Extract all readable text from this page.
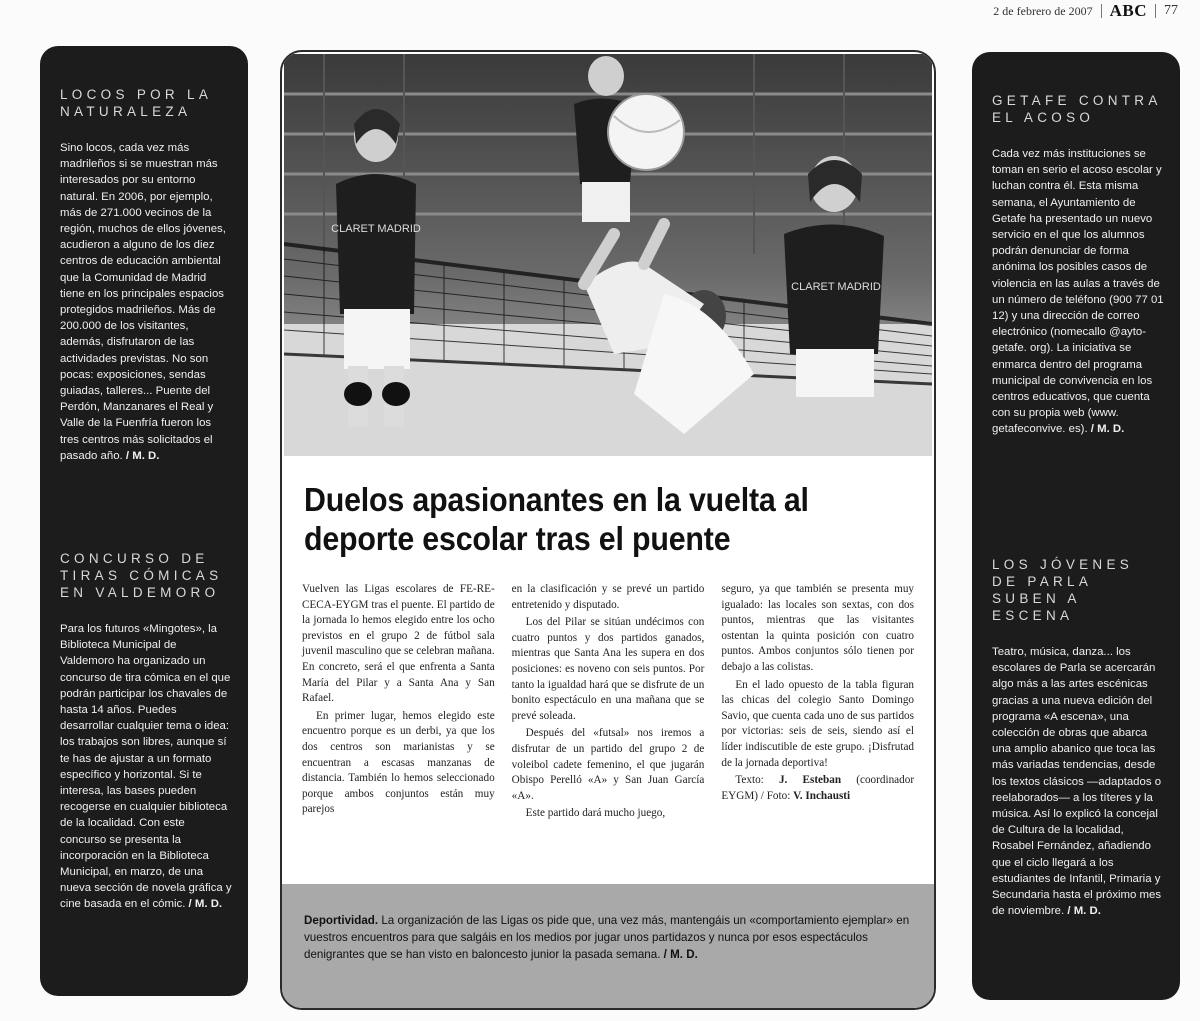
2 de febrero de 2007 ABC 77
LOCOS POR LA NATURALEZA
Sino locos, cada vez más madrileños si se muestran más interesados por su entorno natural. En 2006, por ejemplo, más de 271.000 vecinos de la región, muchos de ellos jóvenes, acudieron a alguno de los diez centros de educación ambiental que la Comunidad de Madrid tiene en los principales espacios protegidos madrileños. Más de 200.000 de los visitantes, además, disfrutaron de las actividades previstas. No son pocas: exposiciones, sendas guiadas, talleres... Puente del Perdón, Manzanares el Real y Valle de la Fuenfría fueron los tres centros más solicitados el pasado año. / M. D.
CONCURSO DE TIRAS CÓMICAS EN VALDEMORO
Para los futuros «Mingotes», la Biblioteca Municipal de Valdemoro ha organizado un concurso de tira cómica en el que podrán participar los chavales de hasta 14 años. Puedes desarrollar cualquier tema o idea: los trabajos son libres, aunque sí te has de ajustar a un formato específico y horizontal. Si te interesa, las bases pueden recogerse en cualquier biblioteca de la localidad. Con este concurso se presenta la incorporación en la Biblioteca Municipal, en marzo, de una nueva sección de novela gráfica y cine basada en el cómic. / M. D.
CLARET MADRID
CLARET MADRID
Duelos apasionantes en la vuelta al deporte escolar tras el puente

Vuelven las Ligas escolares de FE-RE-CECA-EYGM tras el puente. El partido de la jornada lo hemos elegido entre los ocho previstos en el grupo 2 de fútbol sala juvenil masculino que se celebran mañana. En concreto, será el que enfrenta a Santa María del Pilar y a Santa Ana y San Rafael.

En primer lugar, hemos elegido este encuentro porque es un derbi, ya que los dos centros son marianistas y se encuentran a escasas manzanas de distancia. También lo hemos seleccionado porque ambos conjuntos están muy parejos

en la clasificación y se prevé un partido entretenido y disputado.

Los del Pilar se sitúan undécimos con cuatro puntos y dos partidos ganados, mientras que Santa Ana les supera en dos posiciones: es noveno con seis puntos. Por tanto la igualdad hará que se disfrute de un bonito espectáculo en una mañana que se prevé soleada.

Después del «futsal» nos iremos a disfrutar de un partido del grupo 2 de voleibol cadete femenino, el que jugarán Obispo Perelló «A» y San Juan García «A».

Este partido dará mucho juego,

seguro, ya que también se presenta muy igualado: las locales son sextas, con dos puntos, mientras que las visitantes ostentan la quinta posición con cuatro puntos. Ambos conjuntos sólo tienen por debajo a las colistas.

En el lado opuesto de la tabla figuran las chicas del colegio Santo Domingo Savio, que cuenta cada uno de sus partidos por victorias: seis de seis, siendo así el líder indiscutible de este grupo. ¡Disfrutad de la jornada deportiva!

Texto: J. Esteban (coordinador EYGM) / Foto: V. Inchausti

Deportividad. La organización de las Ligas os pide que, una vez más, mantengáis un «comportamiento ejemplar» en vuestros encuentros para que salgáis en los medios por jugar unos partidazos y nunca por esos espectáculos denigrantes que se han visto en baloncesto junior la pasada semana. / M. D.
GETAFE CONTRA EL ACOSO
Cada vez más instituciones se toman en serio el acoso escolar y luchan contra él. Esta misma semana, el Ayuntamiento de Getafe ha presentado un nuevo servicio en el que los alumnos podrán denunciar de forma anónima los posibles casos de violencia en las aulas a través de un número de teléfono (900 77 01 12) y una dirección de correo electrónico (nomecallo @ayto-getafe. org). La iniciativa se enmarca dentro del programa municipal de convivencia en los centros educativos, que cuenta con su propia web (www. getafeconvive. es). / M. D.
LOS JÓVENES DE PARLA SUBEN A ESCENA
Teatro, música, danza... los escolares de Parla se acercarán algo más a las artes escénicas gracias a una nueva edición del programa «A escena», una colección de obras que abarca una amplio abanico que toca las más variadas tendencias, desde los textos clásicos —adaptados o reelaborados— a los títeres y la música. Así lo explicó la concejal de Cultura de la localidad, Rosabel Fernández, añadiendo que el ciclo llegará a los estudiantes de Infantil, Primaria y Secundaria hasta el próximo mes de noviembre. / M. D.
